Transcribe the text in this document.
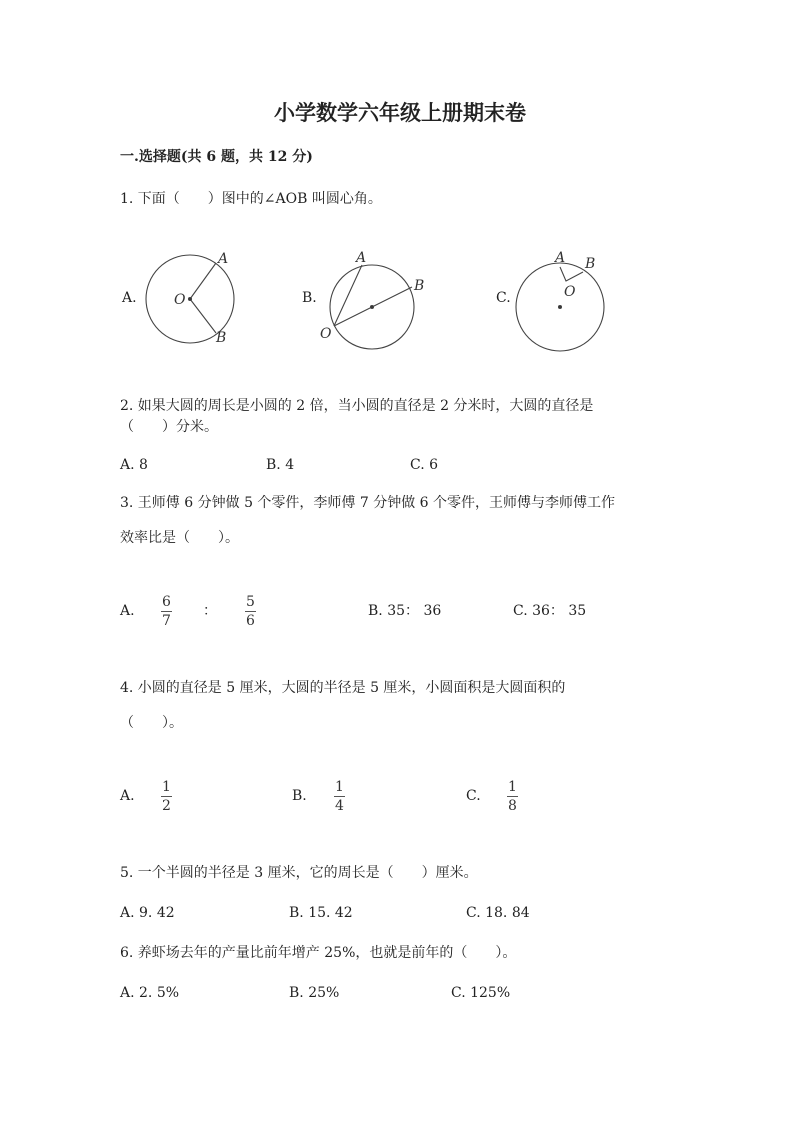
小学数学六年级上册期末卷
一.选择题(共 6 题，共 12 分)
1. 下面（　　）图中的∠AOB 叫圆心角。
A.	B.	C.
O
A
B	O
A
B	O
A B
2. 如果大圆的周长是小圆的 2 倍，当小圆的直径是 2 分米时，大圆的直径是
（　　）分米。
A. 8	B. 4	C. 6
3. 王师傅 6 分钟做 5 个零件，李师傅 7 分钟做 6 个零件，王师傅与李师傅工作
效率比是（　　）。
A.
6
7
：
5
6
B. 35： 36	C. 36： 35
4. 小圆的直径是 5 厘米，大圆的半径是 5 厘米，小圆面积是大圆面积的
（　　）。
A.
1
2
B.
1
4
C.
1
8
5. 一个半圆的半径是 3 厘米，它的周长是（　　）厘米。
A. 9. 42	B. 15. 42	C. 18. 84
6. 养虾场去年的产量比前年增产 25%，也就是前年的（　　）。
A. 2. 5%	B. 25%	C. 125%
